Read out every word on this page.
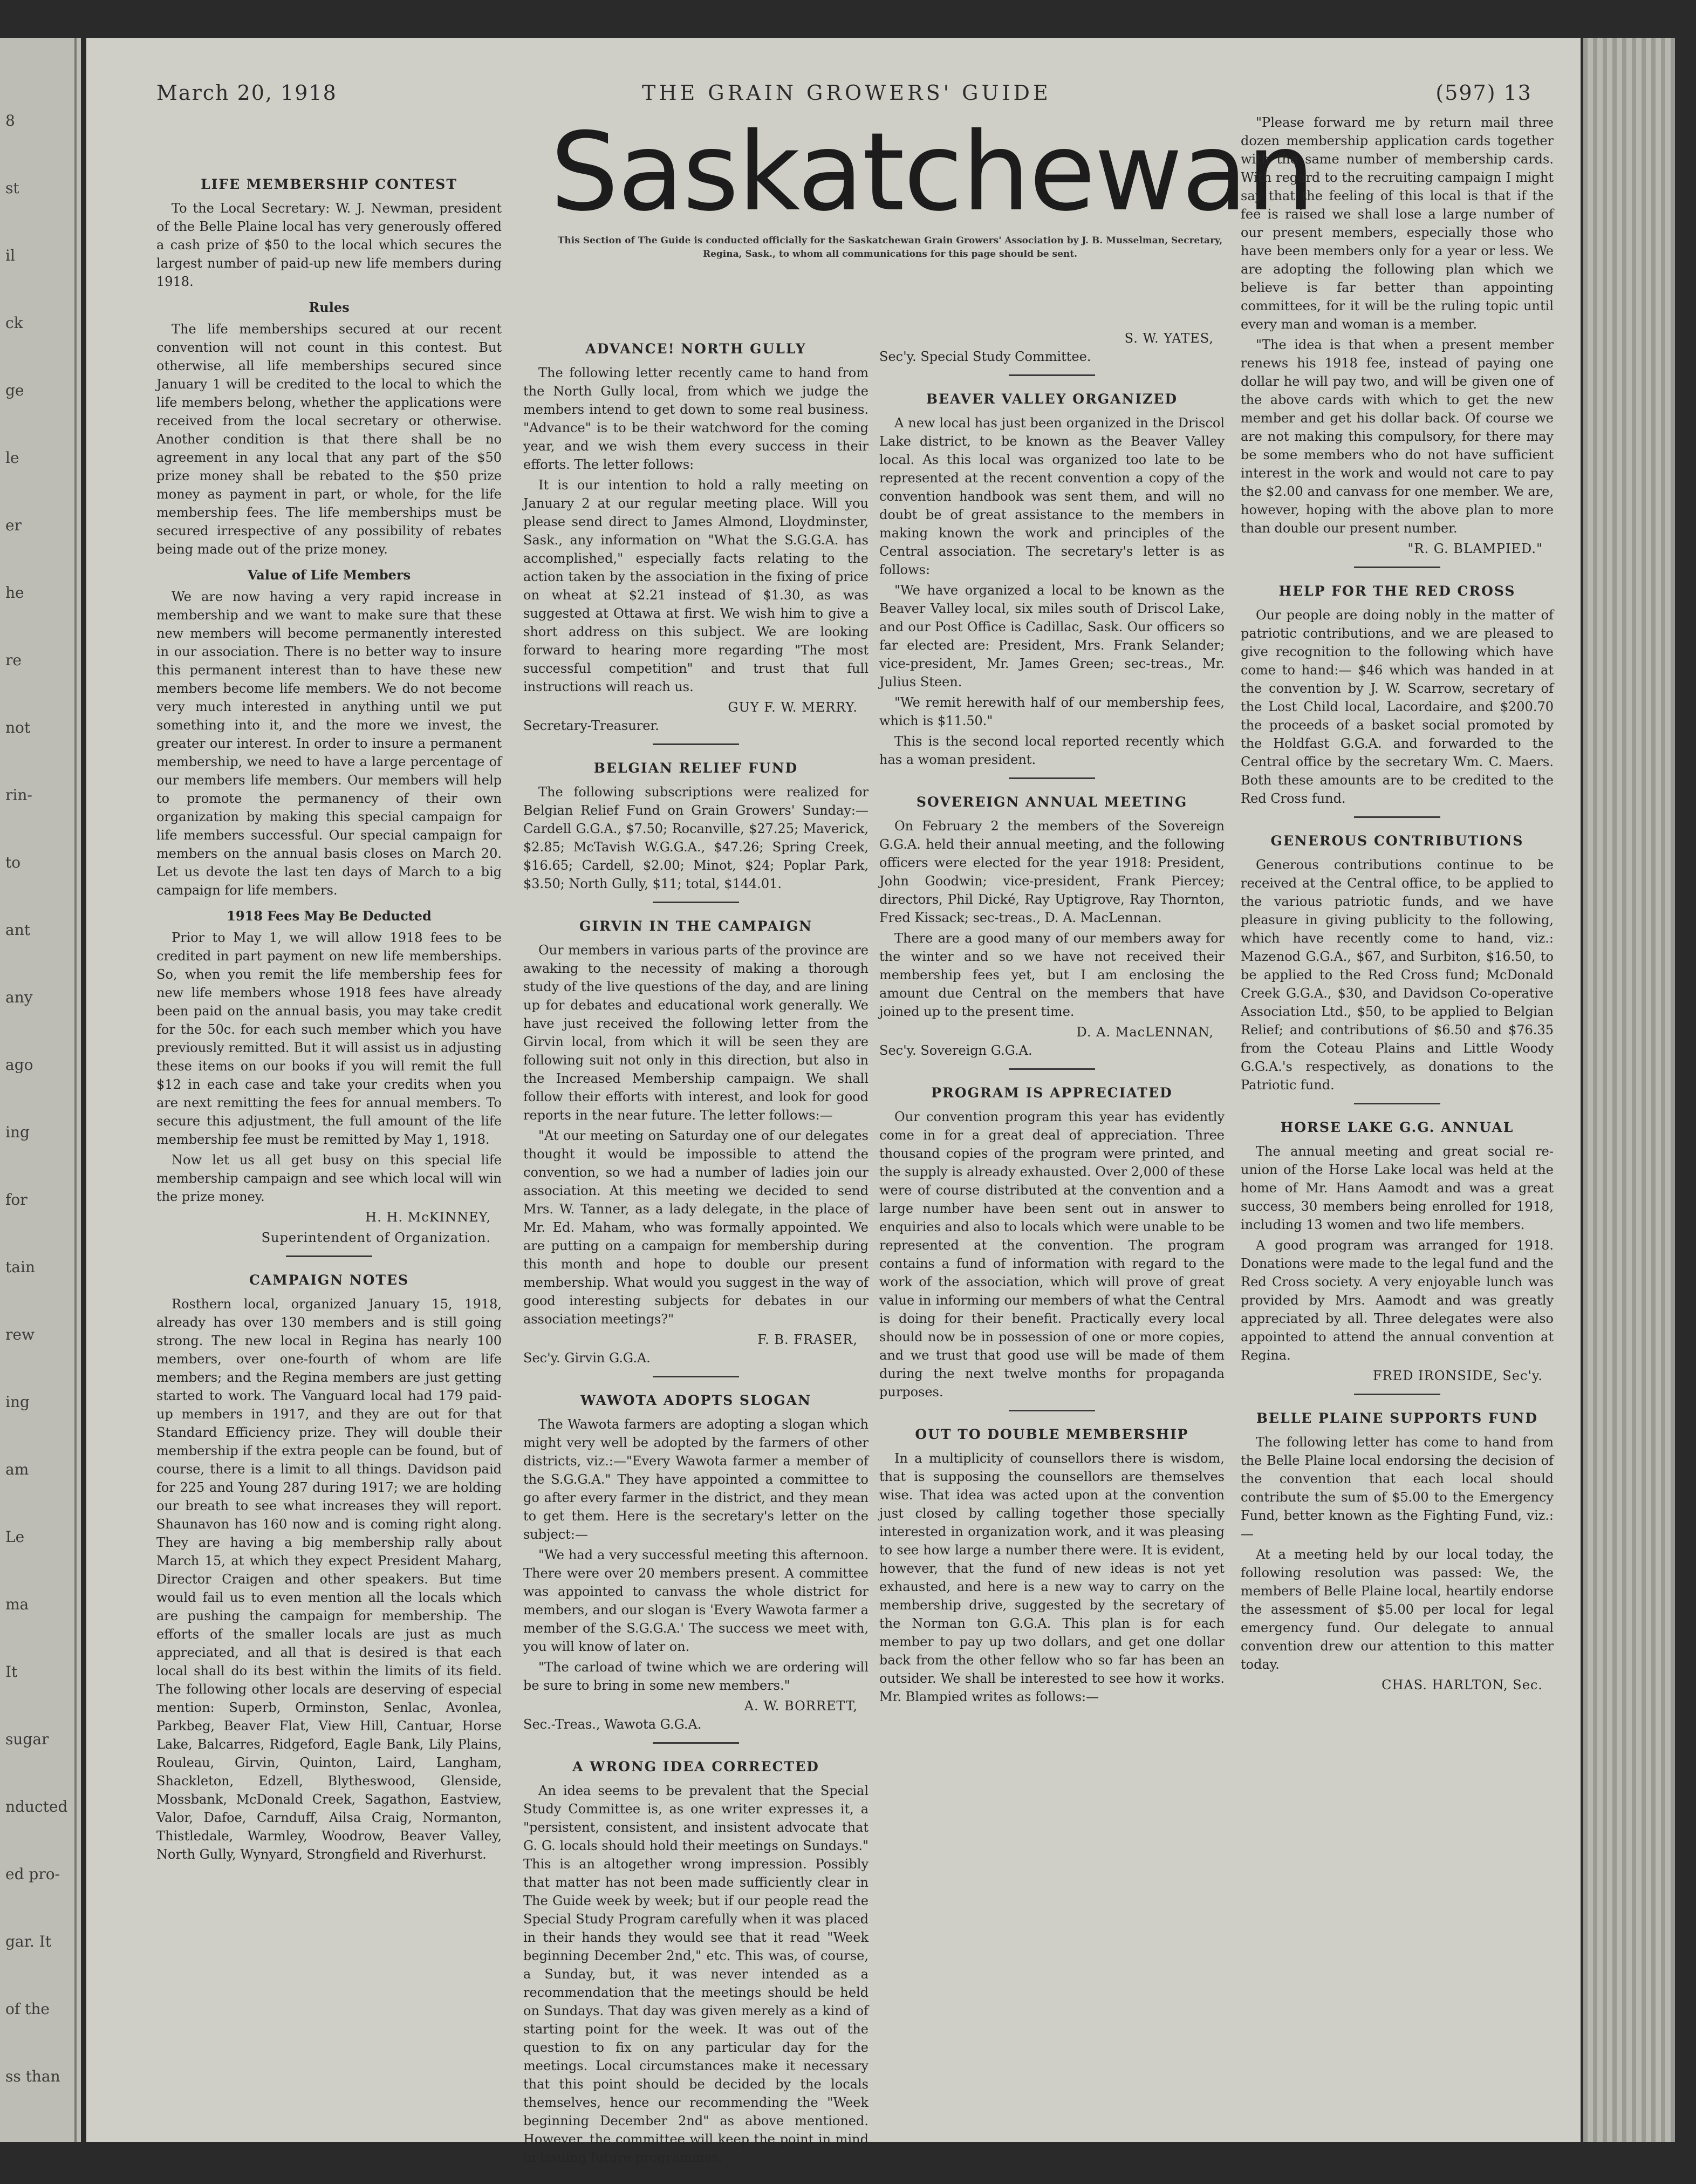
8
st
il
ck
ge
le
er
he
re
not
rin-
to
ant
any
ago
ing
for
tain
rew
ing
am
Le
ma
It
sugar
nducted
ed pro-
gar. It
of the
ss than
March 20, 1918	THE GRAIN GROWERS' GUIDE	(597) 13
Saskatchewan
This Section of The Guide is conducted officially for the Saskatchewan Grain Growers' Association by J. B. Musselman, Secretary, Regina, Sask., to whom all communications for this page should be sent.
LIFE MEMBERSHIP CONTEST

To the Local Secretary: W. J. Newman, president of the Belle Plaine local has very generously offered a cash prize of $50 to the local which secures the largest number of paid-up new life members during 1918.

Rules

The life memberships secured at our recent convention will not count in this contest. But otherwise, all life memberships secured since January 1 will be credited to the local to which the life members belong, whether the applications were received from the local secretary or otherwise. Another condition is that there shall be no agreement in any local that any part of the $50 prize money shall be rebated to the $50 prize money as payment in part, or whole, for the life membership fees. The life memberships must be secured irrespective of any possibility of rebates being made out of the prize money.

Value of Life Members

We are now having a very rapid increase in membership and we want to make sure that these new members will become permanently interested in our association. There is no better way to insure this permanent interest than to have these new members become life members. We do not become very much interested in anything until we put something into it, and the more we invest, the greater our interest. In order to insure a permanent membership, we need to have a large percentage of our members life members. Our members will help to promote the permanency of their own organization by making this special campaign for life members successful. Our special campaign for members on the annual basis closes on March 20. Let us devote the last ten days of March to a big campaign for life members.

1918 Fees May Be Deducted

Prior to May 1, we will allow 1918 fees to be credited in part payment on new life memberships. So, when you remit the life membership fees for new life members whose 1918 fees have already been paid on the annual basis, you may take credit for the 50c. for each such member which you have previously remitted. But it will assist us in adjusting these items on our books if you will remit the full $12 in each case and take your credits when you are next remitting the fees for annual members. To secure this adjustment, the full amount of the life membership fee must be remitted by May 1, 1918.

Now let us all get busy on this special life membership campaign and see which local will win the prize money.

H. H. McKINNEY,

Superintendent of Organization.

CAMPAIGN NOTES

Rosthern local, organized January 15, 1918, already has over 130 members and is still going strong. The new local in Regina has nearly 100 members, over one-fourth of whom are life members; and the Regina members are just getting started to work. The Vanguard local had 179 paid-up members in 1917, and they are out for that Standard Efficiency prize. They will double their membership if the extra people can be found, but of course, there is a limit to all things. Davidson paid for 225 and Young 287 during 1917; we are holding our breath to see what increases they will report. Shaunavon has 160 now and is coming right along. They are having a big membership rally about March 15, at which they expect President Maharg, Director Craigen and other speakers. But time would fail us to even mention all the locals which are pushing the campaign for membership. The efforts of the smaller locals are just as much appreciated, and all that is desired is that each local shall do its best within the limits of its field. The following other locals are deserving of especial mention: Superb, Orminston, Senlac, Avonlea, Parkbeg, Beaver Flat, View Hill, Cantuar, Horse Lake, Balcarres, Ridgeford, Eagle Bank, Lily Plains, Rouleau, Girvin, Quinton, Laird, Langham, Shackleton, Edzell, Blytheswood, Glenside, Mossbank, McDonald Creek, Sagathon, Eastview, Valor, Dafoe, Carnduff, Ailsa Craig, Normanton, Thistledale, Warmley, Woodrow, Beaver Valley, North Gully, Wynyard, Strongfield and Riverhurst.

ADVANCE! NORTH GULLY

The following letter recently came to hand from the North Gully local, from which we judge the members intend to get down to some real business. "Advance" is to be their watchword for the coming year, and we wish them every success in their efforts. The letter follows:

It is our intention to hold a rally meeting on January 2 at our regular meeting place. Will you please send direct to James Almond, Lloydminster, Sask., any information on "What the S.G.G.A. has accomplished," especially facts relating to the action taken by the association in the fixing of price on wheat at $2.21 instead of $1.30, as was suggested at Ottawa at first. We wish him to give a short address on this subject. We are looking forward to hearing more regarding "The most successful competition" and trust that full instructions will reach us.

GUY F. W. MERRY.

Secretary-Treasurer.

BELGIAN RELIEF FUND

The following subscriptions were realized for Belgian Relief Fund on Grain Growers' Sunday:— Cardell G.G.A., $7.50; Rocanville, $27.25; Maverick, $2.85; McTavish W.G.G.A., $47.26; Spring Creek, $16.65; Cardell, $2.00; Minot, $24; Poplar Park, $3.50; North Gully, $11; total, $144.01.

GIRVIN IN THE CAMPAIGN

Our members in various parts of the province are awaking to the necessity of making a thorough study of the live questions of the day, and are lining up for debates and educational work generally. We have just received the following letter from the Girvin local, from which it will be seen they are following suit not only in this direction, but also in the Increased Membership campaign. We shall follow their efforts with interest, and look for good reports in the near future. The letter follows:—

"At our meeting on Saturday one of our delegates thought it would be impossible to attend the convention, so we had a number of ladies join our association. At this meeting we decided to send Mrs. W. Tanner, as a lady delegate, in the place of Mr. Ed. Maham, who was formally appointed. We are putting on a campaign for membership during this month and hope to double our present membership. What would you suggest in the way of good interesting subjects for debates in our association meetings?"

F. B. FRASER,

Sec'y. Girvin G.G.A.

WAWOTA ADOPTS SLOGAN

The Wawota farmers are adopting a slogan which might very well be adopted by the farmers of other districts, viz.:—"Every Wawota farmer a member of the S.G.G.A." They have appointed a committee to go after every farmer in the district, and they mean to get them. Here is the secretary's letter on the subject:—

"We had a very successful meeting this afternoon. There were over 20 members present. A committee was appointed to canvass the whole district for members, and our slogan is 'Every Wawota farmer a member of the S.G.G.A.' The success we meet with, you will know of later on.

"The carload of twine which we are ordering will be sure to bring in some new members."

A. W. BORRETT,

Sec.-Treas., Wawota G.G.A.

A WRONG IDEA CORRECTED

An idea seems to be prevalent that the Special Study Committee is, as one writer expresses it, a "persistent, consistent, and insistent advocate that G. G. locals should hold their meetings on Sundays." This is an altogether wrong impression. Possibly that matter has not been made sufficiently clear in The Guide week by week; but if our people read the Special Study Program carefully when it was placed in their hands they would see that it read "Week beginning December 2nd," etc. This was, of course, a Sunday, but, it was never intended as a recommendation that the meetings should be held on Sundays. That day was given merely as a kind of starting point for the week. It was out of the question to fix on any particular day for the meetings. Local circumstances make it necessary that this point should be decided by the locals themselves, hence our recommending the "Week beginning December 2nd" as above mentioned. However, the committee will keep the point in mind in issuing future programmes.

S. W. YATES,

Sec'y. Special Study Committee.

BEAVER VALLEY ORGANIZED

A new local has just been organized in the Driscol Lake district, to be known as the Beaver Valley local. As this local was organized too late to be represented at the recent convention a copy of the convention handbook was sent them, and will no doubt be of great assistance to the members in making known the work and principles of the Central association. The secretary's letter is as follows:

"We have organized a local to be known as the Beaver Valley local, six miles south of Driscol Lake, and our Post Office is Cadillac, Sask. Our officers so far elected are: President, Mrs. Frank Selander; vice-president, Mr. James Green; sec-treas., Mr. Julius Steen.

"We remit herewith half of our membership fees, which is $11.50."

This is the second local reported recently which has a woman president.

SOVEREIGN ANNUAL MEETING

On February 2 the members of the Sovereign G.G.A. held their annual meeting, and the following officers were elected for the year 1918: President, John Goodwin; vice-president, Frank Piercey; directors, Phil Dické, Ray Uptigrove, Ray Thornton, Fred Kissack; sec-treas., D. A. MacLennan.

There are a good many of our members away for the winter and so we have not received their membership fees yet, but I am enclosing the amount due Central on the members that have joined up to the present time.

D. A. MacLENNAN,

Sec'y. Sovereign G.G.A.

PROGRAM IS APPRECIATED

Our convention program this year has evidently come in for a great deal of appreciation. Three thousand copies of the program were printed, and the supply is already exhausted. Over 2,000 of these were of course distributed at the convention and a large number have been sent out in answer to enquiries and also to locals which were unable to be represented at the convention. The program contains a fund of information with regard to the work of the association, which will prove of great value in informing our members of what the Central is doing for their benefit. Practically every local should now be in possession of one or more copies, and we trust that good use will be made of them during the next twelve months for propaganda purposes.

OUT TO DOUBLE MEMBERSHIP

In a multiplicity of counsellors there is wisdom, that is supposing the counsellors are themselves wise. That idea was acted upon at the convention just closed by calling together those specially interested in organization work, and it was pleasing to see how large a number there were. It is evident, however, that the fund of new ideas is not yet exhausted, and here is a new way to carry on the membership drive, suggested by the secretary of the Norman ton G.G.A. This plan is for each member to pay up two dollars, and get one dollar back from the other fellow who so far has been an outsider. We shall be interested to see how it works. Mr. Blampied writes as follows:—

"Please forward me by return mail three dozen membership application cards together with the same number of membership cards. With regard to the recruiting campaign I might say that the feeling of this local is that if the fee is raised we shall lose a large number of our present members, especially those who have been members only for a year or less. We are adopting the following plan which we believe is far better than appointing committees, for it will be the ruling topic until every man and woman is a member.

"The idea is that when a present member renews his 1918 fee, instead of paying one dollar he will pay two, and will be given one of the above cards with which to get the new member and get his dollar back. Of course we are not making this compulsory, for there may be some members who do not have sufficient interest in the work and would not care to pay the $2.00 and canvass for one member. We are, however, hoping with the above plan to more than double our present number.

"R. G. BLAMPIED."

HELP FOR THE RED CROSS

Our people are doing nobly in the matter of patriotic contributions, and we are pleased to give recognition to the following which have come to hand:— $46 which was handed in at the convention by J. W. Scarrow, secretary of the Lost Child local, Lacordaire, and $200.70 the proceeds of a basket social promoted by the Holdfast G.G.A. and forwarded to the Central office by the secretary Wm. C. Maers. Both these amounts are to be credited to the Red Cross fund.

GENEROUS CONTRIBUTIONS

Generous contributions continue to be received at the Central office, to be applied to the various patriotic funds, and we have pleasure in giving publicity to the following, which have recently come to hand, viz.: Mazenod G.G.A., $67, and Surbiton, $16.50, to be applied to the Red Cross fund; McDonald Creek G.G.A., $30, and Davidson Co-operative Association Ltd., $50, to be applied to Belgian Relief; and contributions of $6.50 and $76.35 from the Coteau Plains and Little Woody G.G.A.'s respectively, as donations to the Patriotic fund.

HORSE LAKE G.G. ANNUAL

The annual meeting and great social re-union of the Horse Lake local was held at the home of Mr. Hans Aamodt and was a great success, 30 members being enrolled for 1918, including 13 women and two life members.

A good program was arranged for 1918. Donations were made to the legal fund and the Red Cross society. A very enjoyable lunch was provided by Mrs. Aamodt and was greatly appreciated by all. Three delegates were also appointed to attend the annual convention at Regina.

FRED IRONSIDE, Sec'y.

BELLE PLAINE SUPPORTS FUND

The following letter has come to hand from the Belle Plaine local endorsing the decision of the convention that each local should contribute the sum of $5.00 to the Emergency Fund, better known as the Fighting Fund, viz.:—

At a meeting held by our local today, the following resolution was passed: We, the members of Belle Plaine local, heartily endorse the assessment of $5.00 per local for legal emergency fund. Our delegate to annual convention drew our attention to this matter today.

CHAS. HARLTON, Sec.
